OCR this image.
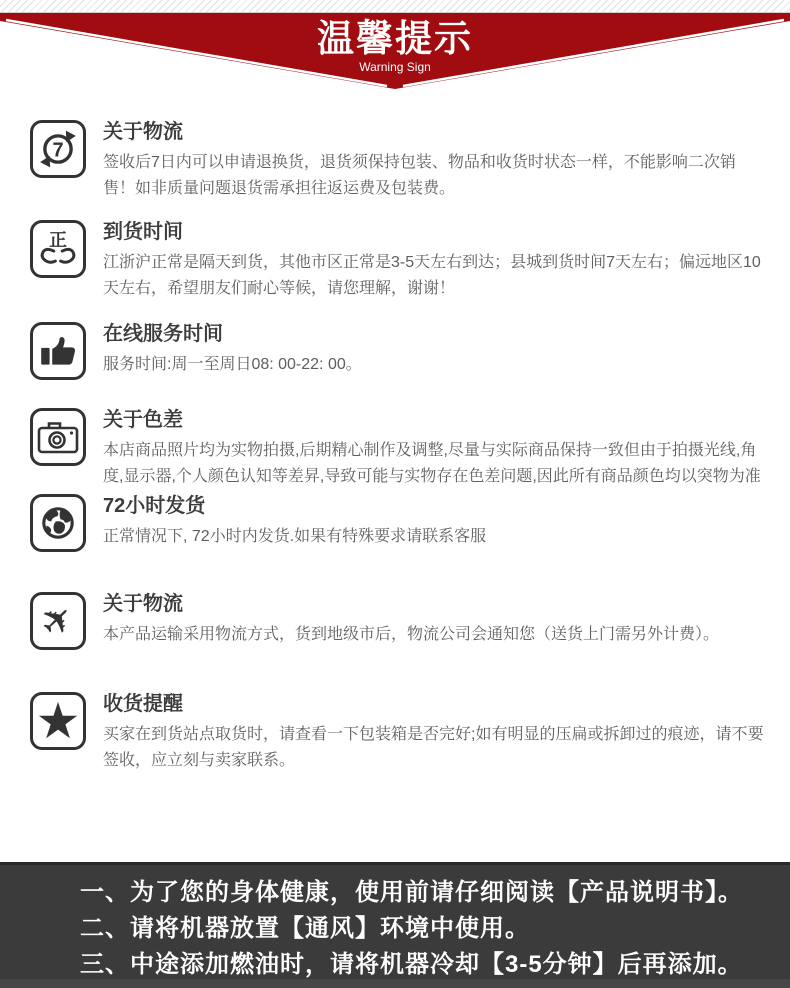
温馨提示
Warning Sign
7
关于物流
签收后7日内可以申请退换货，退货须保持包装、物品和收货时状态一样，不能影响二次销售！如非质量问题退货需承担往返运费及包装费。
正 到货时间
江浙沪正常是隔天到货，其他市区正常是3-5天左右到达；县城到货时间7天左右；偏远地区10天左右，希望朋友们耐心等候，请您理解，谢谢！
在线服务时间
服务时间:周一至周日08: 00-22: 00。
关于色差
本店商品照片均为实物拍摄,后期精心制作及调整,尽量与实际商品保持一致但由于拍摄光线,角度,显示器,个人颜色认知等差昇,导致可能与实物存在色差问题,因此所有商品颜色均以突物为准
72小时发货
正常情况下, 72小时内发货.如果有特殊要求请联系客服
✈ 关于物流
本产品运输采用物流方式，货到地级市后，物流公司会通知您（送货上门需另外计费）。
★ 收货提醒
买家在到货站点取货时，请查看一下包装箱是否完好;如有明显的压扁或拆卸过的痕迹，请不要签收，应立刻与卖家联系。
一、为了您的身体健康，使用前请仔细阅读【产品说明书】。
二、请将机器放置【通风】环境中使用。
三、中途添加燃油时，请将机器冷却【3-5分钟】后再添加。
